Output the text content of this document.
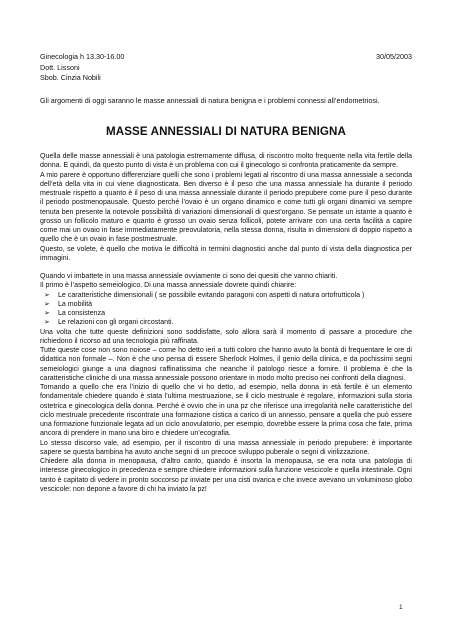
Ginecologia h 13.30-16.00	30/05/2003
Dott. Lissoni
Sbob. Cinzia Nobili
Gli argomenti di oggi saranno le masse annessiali di natura benigna e i problemi connessi all’endometriosi.
MASSE ANNESSIALI DI NATURA BENIGNA

Quella delle masse annessiali è una patologia estremamente diffusa, di riscontro molto frequente nella vita fertile della donna. E quindi, da questo punto di vista è un problema con cui il ginecologo si confronta praticamente da sempre.

A mio parere è opportuno differenziare quelli che sono i problemi legati al riscontro di una massa annessiale a seconda dell’età della vita in cui viene diagnosticata. Ben diverso è il peso che una massa annessiale ha durante il periodo mestruale rispetto a quanto è il peso di una massa annessiale durante il periodo prepubere come pure il peso durante il periodo postmenopausale. Questo perché l’ovaio è un organo dinamico e come tutti gli organi dinamici va sempre tenuta ben presente la notevole possibilità di variazioni dimensionali di quest’organo. Se pensate un istante a quanto è grosso un follicolo maturo e quanto è grosso un ovaio senza follicoli, potete arrivare con una certa facilità a capire come mai un ovaio in fase immediatamente preovulatoria, nella stessa donna, risulta in dimensioni di doppio rispetto a quello che è un ovaio in fase postmestruale.

Questo, se volete, è quello che motiva le difficoltà in termini diagnostici anche dal punto di vista della diagnostica per immagini.

Quando vi imbattete in una massa annessiale ovviamente ci sono dei quesiti che vanno chiariti.

Il primo è l’aspetto semeiologico. Di una massa annessiale dovrete quindi chiarire:

➢ Le caratteristiche dimensionali ( se possibile evitando paragoni con aspetti di natura ortofrutticola )
➢ La mobilità
➢ La consistenza
➢ Le relazioni con gli organi circostanti.

Una volta che tutte queste definizioni sono soddisfatte, solo allora sarà il momento di passare a procedure che richiedono il ricorso ad una tecnologia più raffinata.

Tutte queste cose non sono noiose – come ho detto ieri a tutti coloro che hanno avuto la bontà di frequentare le ore di didattica non formale –. Non è che uno pensa di essere Sherlock Holmes, il genio della clinica, e da pochissimi segni semeiologici giunge a una diagnosi raffinatissima che neanche il patologo riesce a fornire. Il problema è che la caratteristiche cliniche di una massa annessiale possono orientare in modo molto preciso nei confronti della diagnosi.

Tornando a quello che era l’inizio di quello che vi ho detto, ad esempio, nella donna in età fertile è un elemento fondamentale chiedere quando è stata l’ultima mestruazione, se il ciclo mestruale è regolare, informazioni sulla storia ostetrica e ginecologica della donna. Perché è ovvio che in una pz che riferisce una irregolarità nelle caratteristiche del ciclo mestruale precedente riscontrate una formazione cistica a carico di un annesso, pensare a quella che può essere una formazione funzionale legata ad un ciclo anovulatorio, per esempio, dovrebbe essere la prima cosa che fate, prima ancora di prendere in mano una biro e chiedere un’ecografia.

Lo stesso discorso vale, ad esempio, per il riscontro di una massa annessiale in periodo prepubere: è importante sapere se questa bambina ha avuto anche segni di un precoce sviluppo puberale o segni di virilizzazione.

Chiedere alla donna in menopausa, d’altro canto, quando è insorta la menopausa, se era nota una patologia di interesse ginecologico in precedenza e sempre chiedere informazioni sulla funzione vescicole e quella intestinale. Ogni tanto è capitato di vedere in pronto soccorso pz inviate per una cisti ovarica e che invece avevano un voluminoso globo vescicole: non depone a favore di chi ha inviato la pz!

1
